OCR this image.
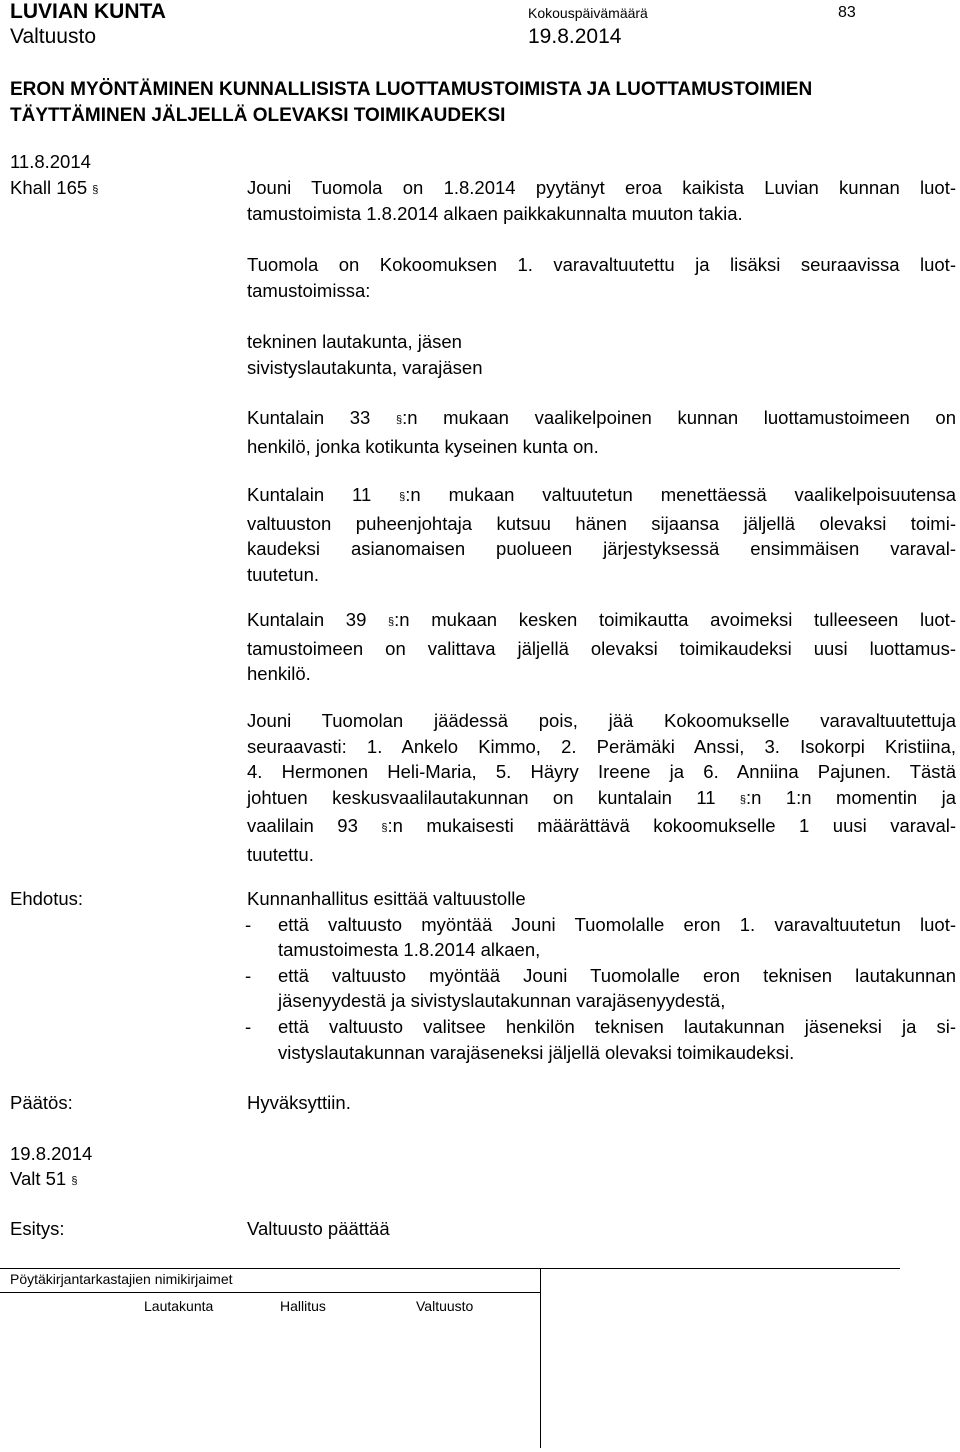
LUVIAN KUNTA
Valtuusto
Kokouspäivämäärä
19.8.2014
83
ERON MYÖNTÄMINEN KUNNALLISISTA LUOTTAMUSTOIMISTA JA LUOTTAMUSTOIMIEN
TÄYTTÄMINEN JÄLJELLÄ OLEVAKSI TOIMIKAUDEKSI
11.8.2014
Khall 165 §	Jouni Tuomola on 1.8.2014 pyytänyt eroa kaikista Luvian kunnan luot-
tamustoimista 1.8.2014 alkaen paikkakunnalta muuton takia.
Tuomola on Kokoomuksen 1. varavaltuutettu ja lisäksi seuraavissa luot-
tamustoimissa:
tekninen lautakunta, jäsen
sivistyslautakunta, varajäsen
Kuntalain 33 §:n mukaan vaalikelpoinen kunnan luottamustoimeen on
henkilö, jonka kotikunta kyseinen kunta on.
Kuntalain 11 §:n mukaan valtuutetun menettäessä vaalikelpoisuutensa
valtuuston puheenjohtaja kutsuu hänen sijaansa jäljellä olevaksi toimi-
kaudeksi asianomaisen puolueen järjestyksessä ensimmäisen varaval-
tuutetun.
Kuntalain 39 §:n mukaan kesken toimikautta avoimeksi tulleeseen luot-
tamustoimeen on valittava jäljellä olevaksi toimikaudeksi uusi luottamus-
henkilö.
Jouni Tuomolan jäädessä pois, jää Kokoomukselle varavaltuutettuja
seuraavasti: 1. Ankelo Kimmo, 2. Perämäki Anssi, 3. Isokorpi Kristiina,
4. Hermonen Heli-Maria, 5. Häyry Ireene ja 6. Anniina Pajunen. Tästä
johtuen keskusvaalilautakunnan on kuntalain 11 §:n 1:n momentin ja
vaalilain 93 §:n mukaisesti määrättävä kokoomukselle 1 uusi varaval-
tuutettu.
Ehdotus:	Kunnanhallitus esittää valtuustolle
- että valtuusto myöntää Jouni Tuomolalle eron 1. varavaltuutetun luot-
tamustoimesta 1.8.2014 alkaen,
- että valtuusto myöntää Jouni Tuomolalle eron teknisen lautakunnan
jäsenyydestä ja sivistyslautakunnan varajäsenyydestä,
- että valtuusto valitsee henkilön teknisen lautakunnan jäseneksi ja si-
vistyslautakunnan varajäseneksi jäljellä olevaksi toimikaudeksi.
Päätös:	Hyväksyttiin.
19.8.2014
Valt 51 §
Esitys:	Valtuusto päättää
Pöytäkirjantarkastajien nimikirjaimet
Lautakunta	Hallitus	Valtuusto
